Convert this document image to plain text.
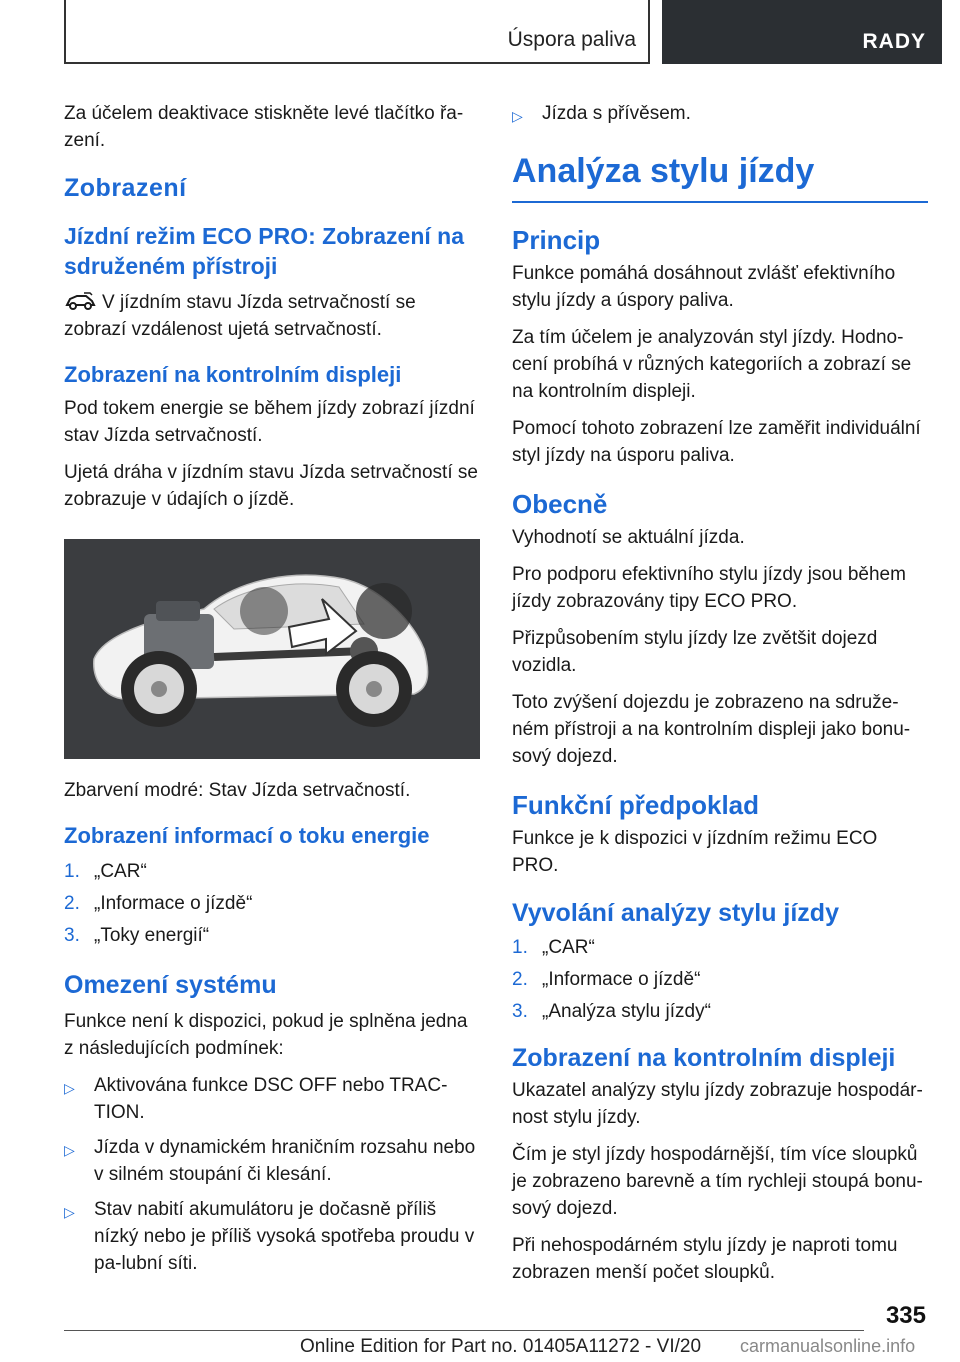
Úspora paliva	RADY

Za účelem deaktivace stiskněte levé tlačítko řa-zení.

Zobrazení
Jízdní režim ECO PRO: Zobrazení na sdruženém přístroji

V jízdním stavu Jízda setrvačností se zobrazí vzdálenost ujetá setrvačností.

Zobrazení na kontrolním displeji

Pod tokem energie se během jízdy zobrazí jízdní stav Jízda setrvačností.

Ujetá dráha v jízdním stavu Jízda setrvačností se zobrazuje v údajích o jízdě.

Zbarvení modré: Stav Jízda setrvačností.

Zobrazení informací o toku energie
1. „CAR“
2. „Informace o jízdě“
3. „Toky energií“
Omezení systému

Funkce není k dispozici, pokud je splněna jedna z následujících podmínek:

▷	Aktivována funkce DSC OFF nebo TRAC-TION.
▷	Jízda v dynamickém hraničním rozsahu nebo v silném stoupání či klesání.
▷	Stav nabití akumulátoru je dočasně příliš nízký nebo je příliš vysoká spotřeba proudu v pa-lubní síti.
▷	Jízda s přívěsem.
Analýza stylu jízdy
Princip

Funkce pomáhá dosáhnout zvlášť efektivního stylu jízdy a úspory paliva.

Za tím účelem je analyzován styl jízdy. Hodno-cení probíhá v různých kategoriích a zobrazí se na kontrolním displeji.

Pomocí tohoto zobrazení lze zaměřit individuální styl jízdy na úsporu paliva.

Obecně

Vyhodnotí se aktuální jízda.

Pro podporu efektivního stylu jízdy jsou během jízdy zobrazovány tipy ECO PRO.

Přizpůsobením stylu jízdy lze zvětšit dojezd vozidla.

Toto zvýšení dojezdu je zobrazeno na sdruže-ném přístroji a na kontrolním displeji jako bonu-sový dojezd.

Funkční předpoklad

Funkce je k dispozici v jízdním režimu ECO PRO.

Vyvolání analýzy stylu jízdy
1. „CAR“
2. „Informace o jízdě“
3. „Analýza stylu jízdy“
Zobrazení na kontrolním displeji

Ukazatel analýzy stylu jízdy zobrazuje hospodár-nost stylu jízdy.

Čím je styl jízdy hospodárnější, tím více sloupků je zobrazeno barevně a tím rychleji stoupá bonu-sový dojezd.

Při nehospodárném stylu jízdy je naproti tomu zobrazen menší počet sloupků.

335
Online Edition for Part no. 01405A11272 - VI/20 carmanualsonline.info
